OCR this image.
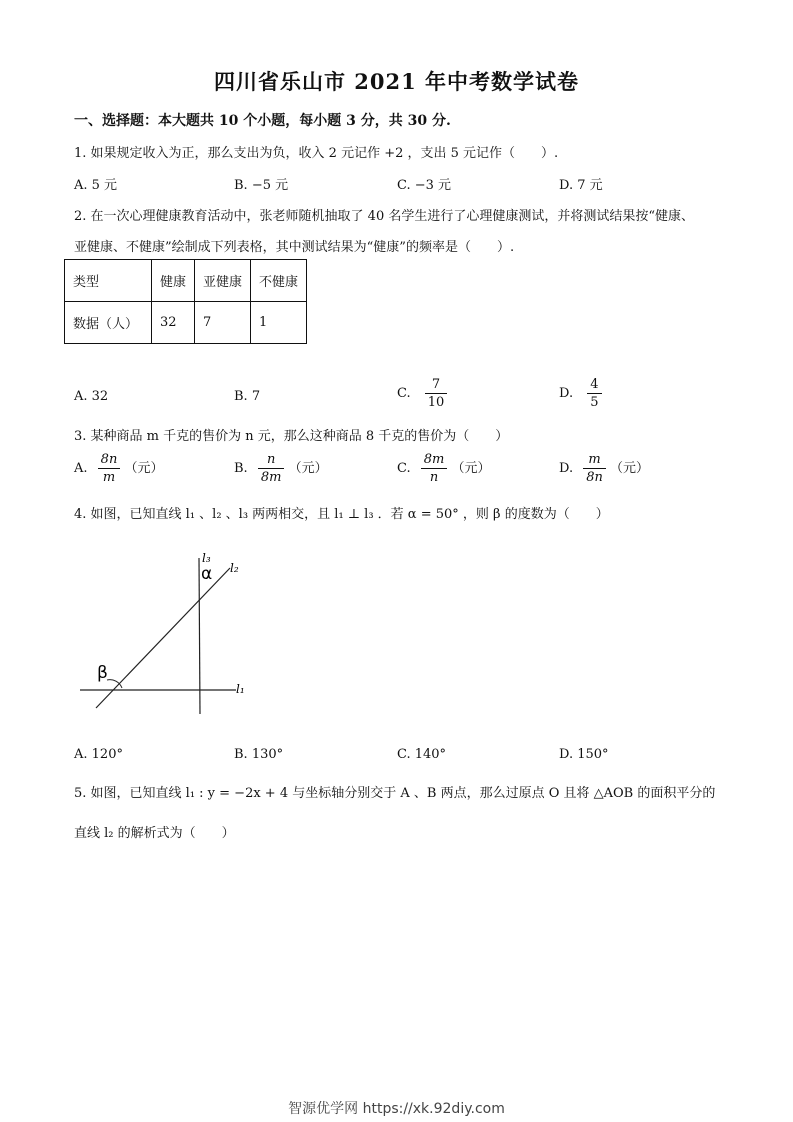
四川省乐山市 2021 年中考数学试卷
一、选择题：本大题共 10 个小题，每小题 3 分，共 30 分.
1. 如果规定收入为正，那么支出为负，收入 2 元记作 +2 ，支出 5 元记作（　　）.
A. 5 元	B. −5 元	C. −3 元	D. 7 元
2. 在一次心理健康教育活动中，张老师随机抽取了 40 名学生进行了心理健康测试，并将测试结果按“健康、
亚健康、不健康”绘制成下列表格，其中测试结果为“健康”的频率是（　　）.
类型	健康	亚健康	不健康
数据（人）	32	7	1
A. 32	B. 7	C. $\frac{7}{10}$	D. $\frac{4}{5}$
3. 某种商品 m 千克的售价为 n 元，那么这种商品 8 千克的售价为（　　）
A. $\frac{8n}{m}$ （元）	B. $\frac{n}{8m}$ （元）	C. $\frac{8m}{n}$ （元）	D. $\frac{m}{8n}$ （元）
4. 如图，已知直线 l₁ 、l₂ 、l₃ 两两相交，且 l₁ ⊥ l₃ ．若 α = 50° ，则 β 的度数为（　　）
l₃
l₂
l₁
α
β
A. 120°	B. 130°	C. 140°	D. 150°
5. 如图，已知直线 l₁ : y = −2x + 4 与坐标轴分别交于 A 、B 两点，那么过原点 O 且将 △AOB 的面积平分的
直线 l₂ 的解析式为（　　）
智源优学网 https://xk.92diy.com
